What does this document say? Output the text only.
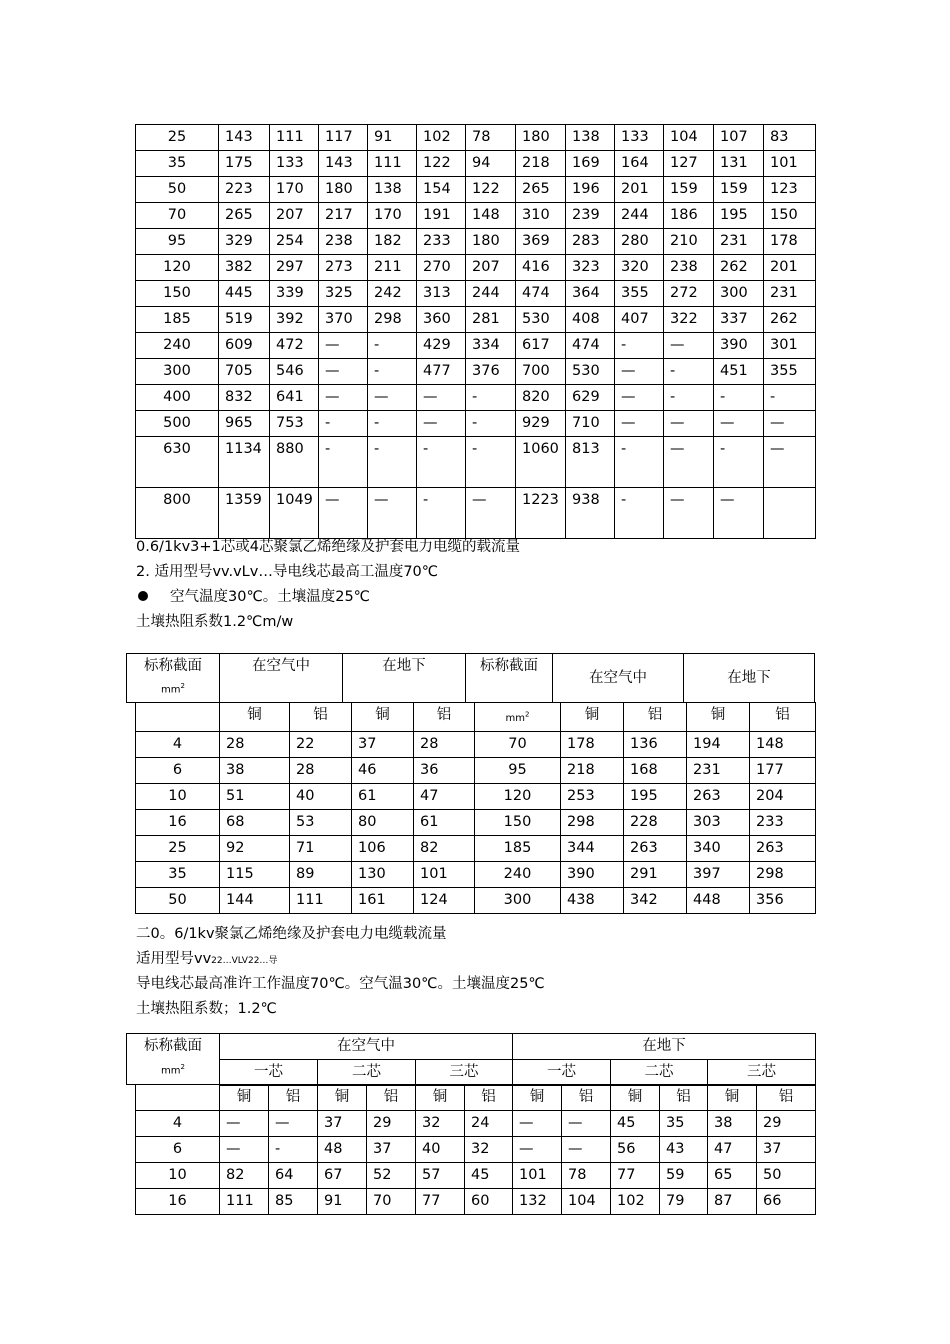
25	143	111	117	91	102	78	180	138	133	104	107	83
35	175	133	143	111	122	94	218	169	164	127	131	101
50	223	170	180	138	154	122	265	196	201	159	159	123
70	265	207	217	170	191	148	310	239	244	186	195	150
95	329	254	238	182	233	180	369	283	280	210	231	178
120	382	297	273	211	270	207	416	323	320	238	262	201
150	445	339	325	242	313	244	474	364	355	272	300	231
185	519	392	370	298	360	281	530	408	407	322	337	262
240	609	472	—	-	429	334	617	474	-	—	390	301
300	705	546	—	-	477	376	700	530	—	-	451	355
400	832	641	—	—	—	-	820	629	—	-	-	-
500	965	753	-	-	—	-	929	710	—	—	—	—
630	1134	880	-	-	-	-	1060	813	-	—	-	—
800	1359	1049	—	—	-	—	1223	938	-	—	—	
0.6/1kv3+1芯或4芯聚氯乙烯绝缘及护套电力电缆的载流量
2. 适用型号vv.vLv…导电线芯最高工温度70℃
空气温度30℃。土壤温度25℃
土壤热阻系数1.2℃m/w
标称截面
$mm^2$
	在空气中	在地下	标称截面	在空气中	在地下
	铜	铝	铜	铝	$mm^2$	铜	铝	铜	铝
4	28	22	37	28	70	178	136	194	148
6	38	28	46	36	95	218	168	231	177
10	51	40	61	47	120	253	195	263	204
16	68	53	80	61	150	298	228	303	233
25	92	71	106	82	185	344	263	340	263
35	115	89	130	101	240	390	291	397	298
50	144	111	161	124	300	438	342	448	356
二0。6/1kv聚氯乙烯绝缘及护套电力电缆载流量
适用型号vv22…VLV22…导
导电线芯最高准许工作温度70℃。空气温30℃。土壤温度25℃
土壤热阻系数；1.2℃
标称截面
$mm^2$
在空气中			在地下		
一芯	二芯	三芯	一芯	二芯	三芯
	铜	铝	铜	铝	铜	铝	铜	铝	铜	铝	铜	铝
4	—	—	37	29	32	24	—	—	45	35	38	29
6	—	-	48	37	40	32	—	—	56	43	47	37
10	82	64	67	52	57	45	101	78	77	59	65	50
16	111	85	91	70	77	60	132	104	102	79	87	66
